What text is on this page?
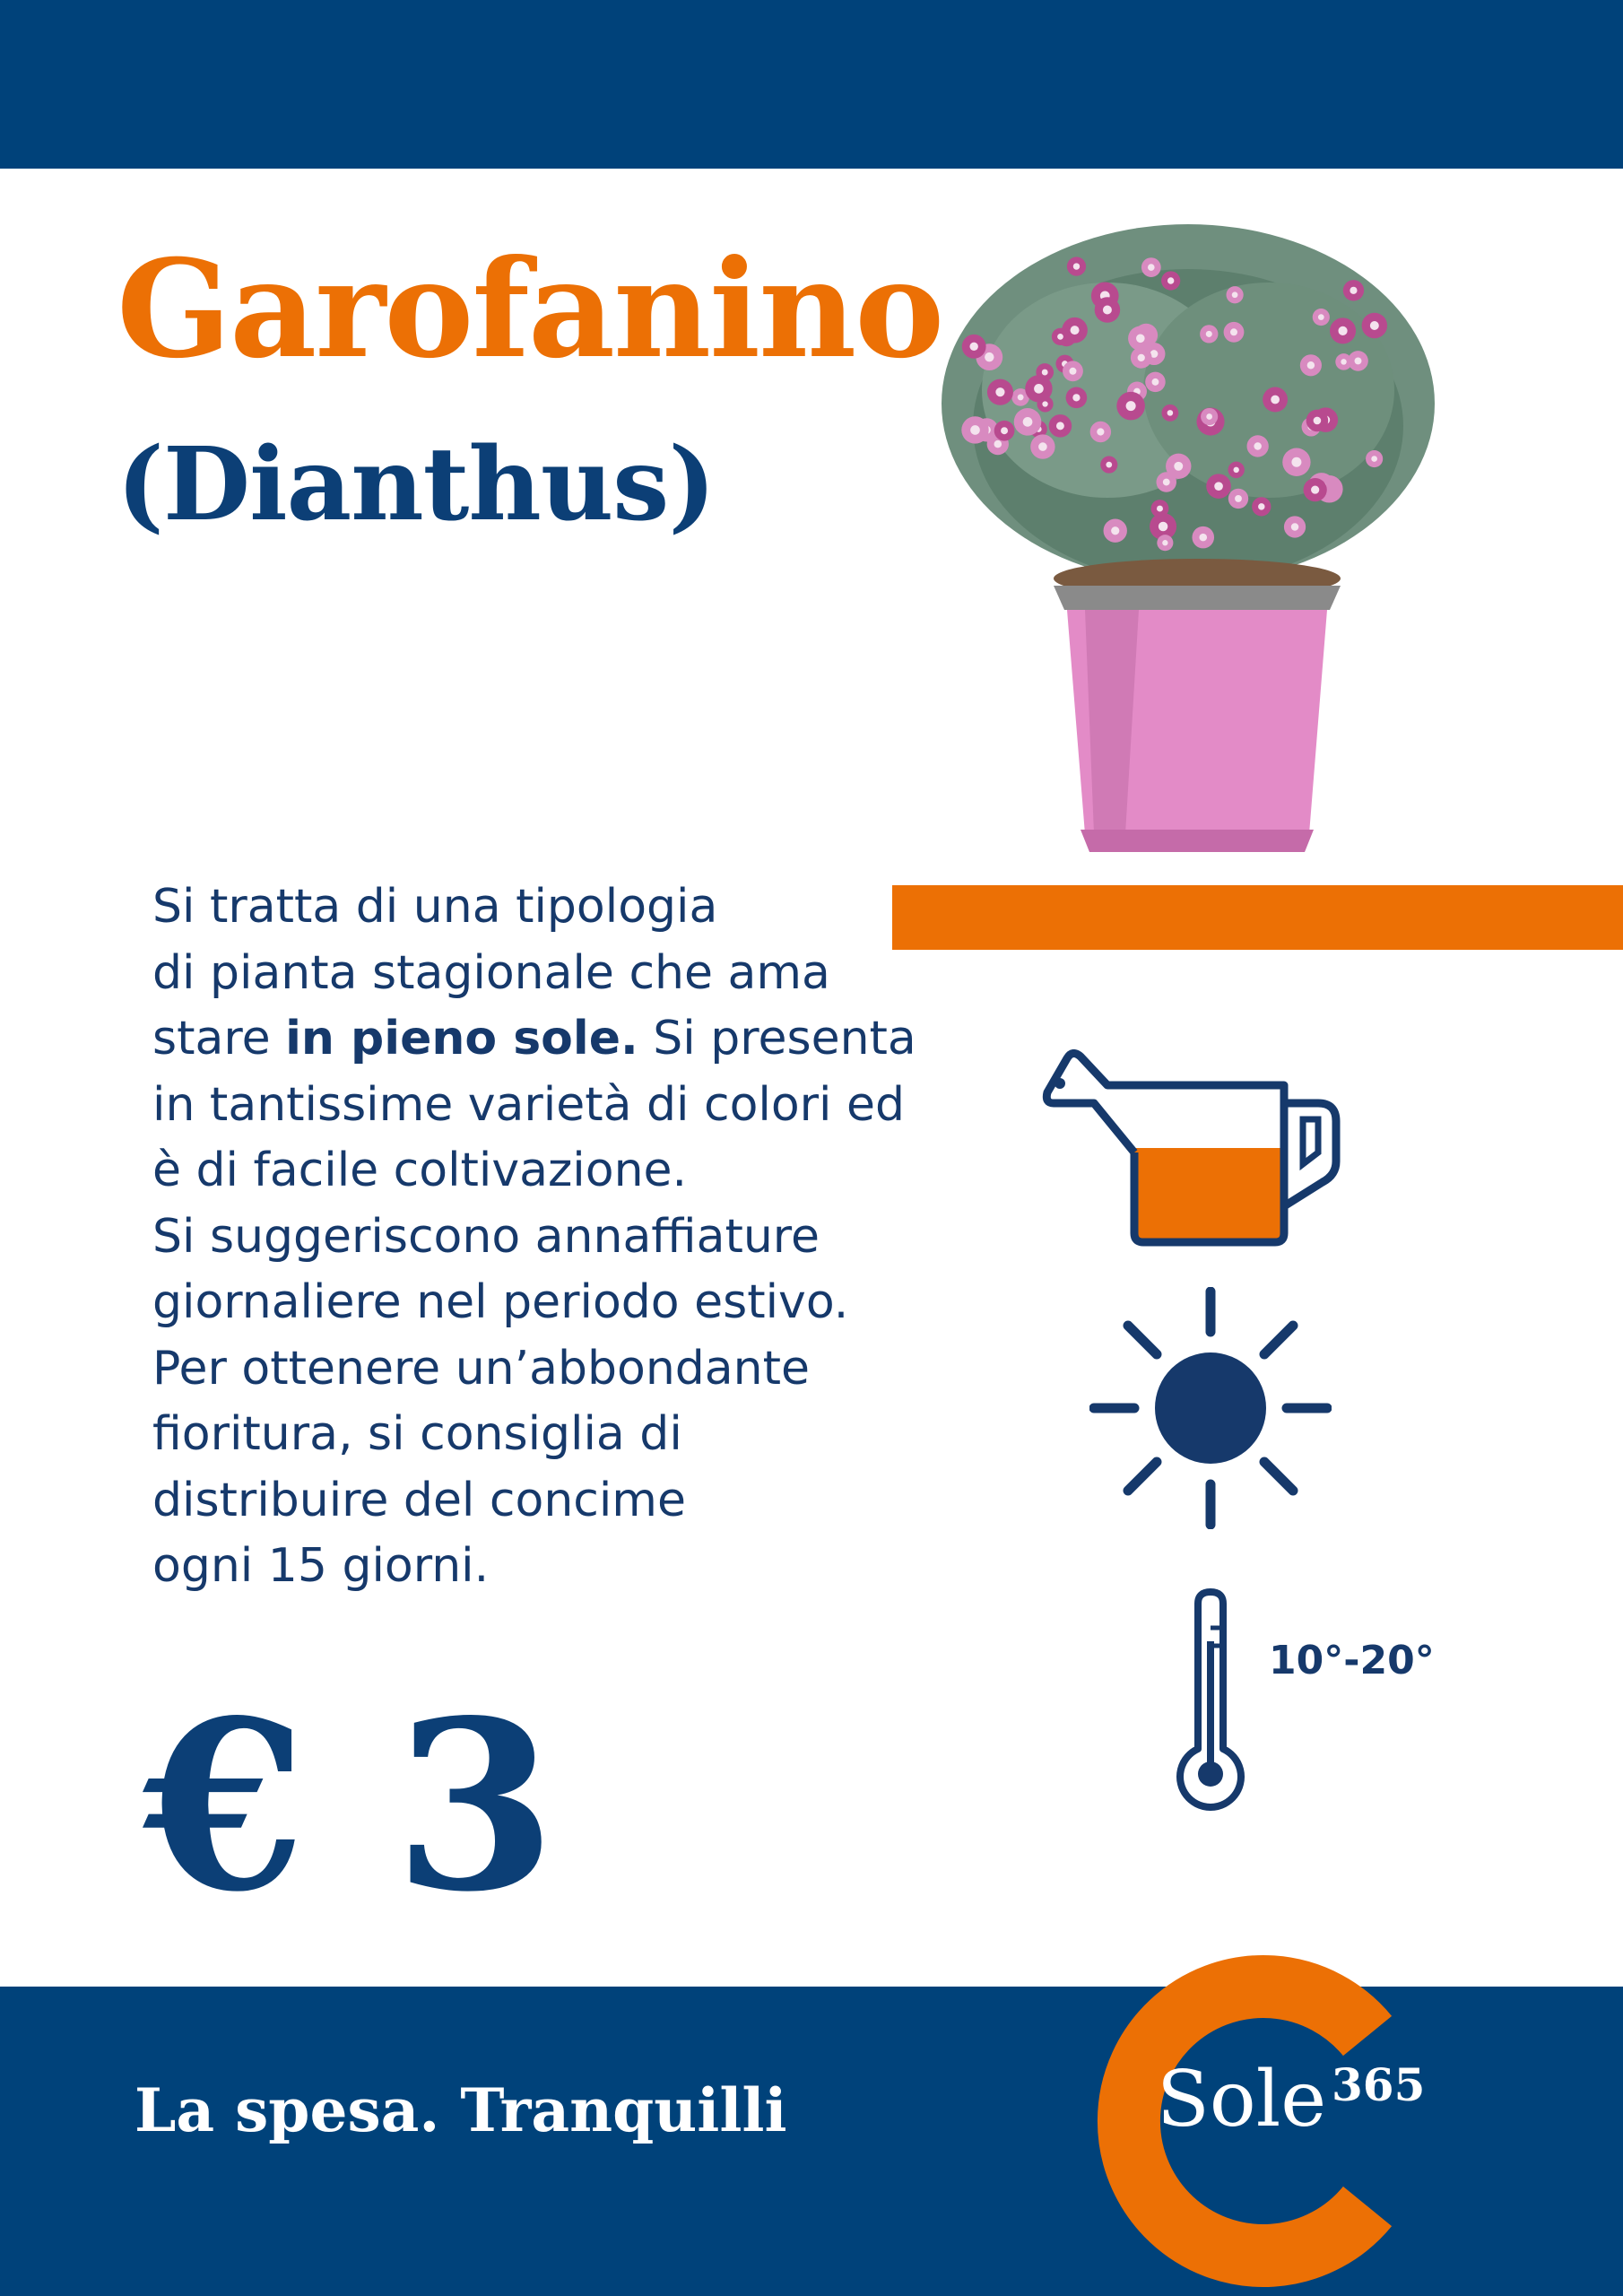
Garofanino
(Dianthus)
Si tratta di una tipologia
di pianta stagionale che ama
stare in pieno sole. Si presenta
in tantissime varietà di colori ed
è di facile coltivazione.
Si suggeriscono annaffiature
giornaliere nel periodo estivo.
Per ottenere un’abbondante
fioritura, si consiglia di
distribuire del concime
ogni 15 giorni.
10°-20°
€ 3
La spesa. Tranquilli	Sole 365
